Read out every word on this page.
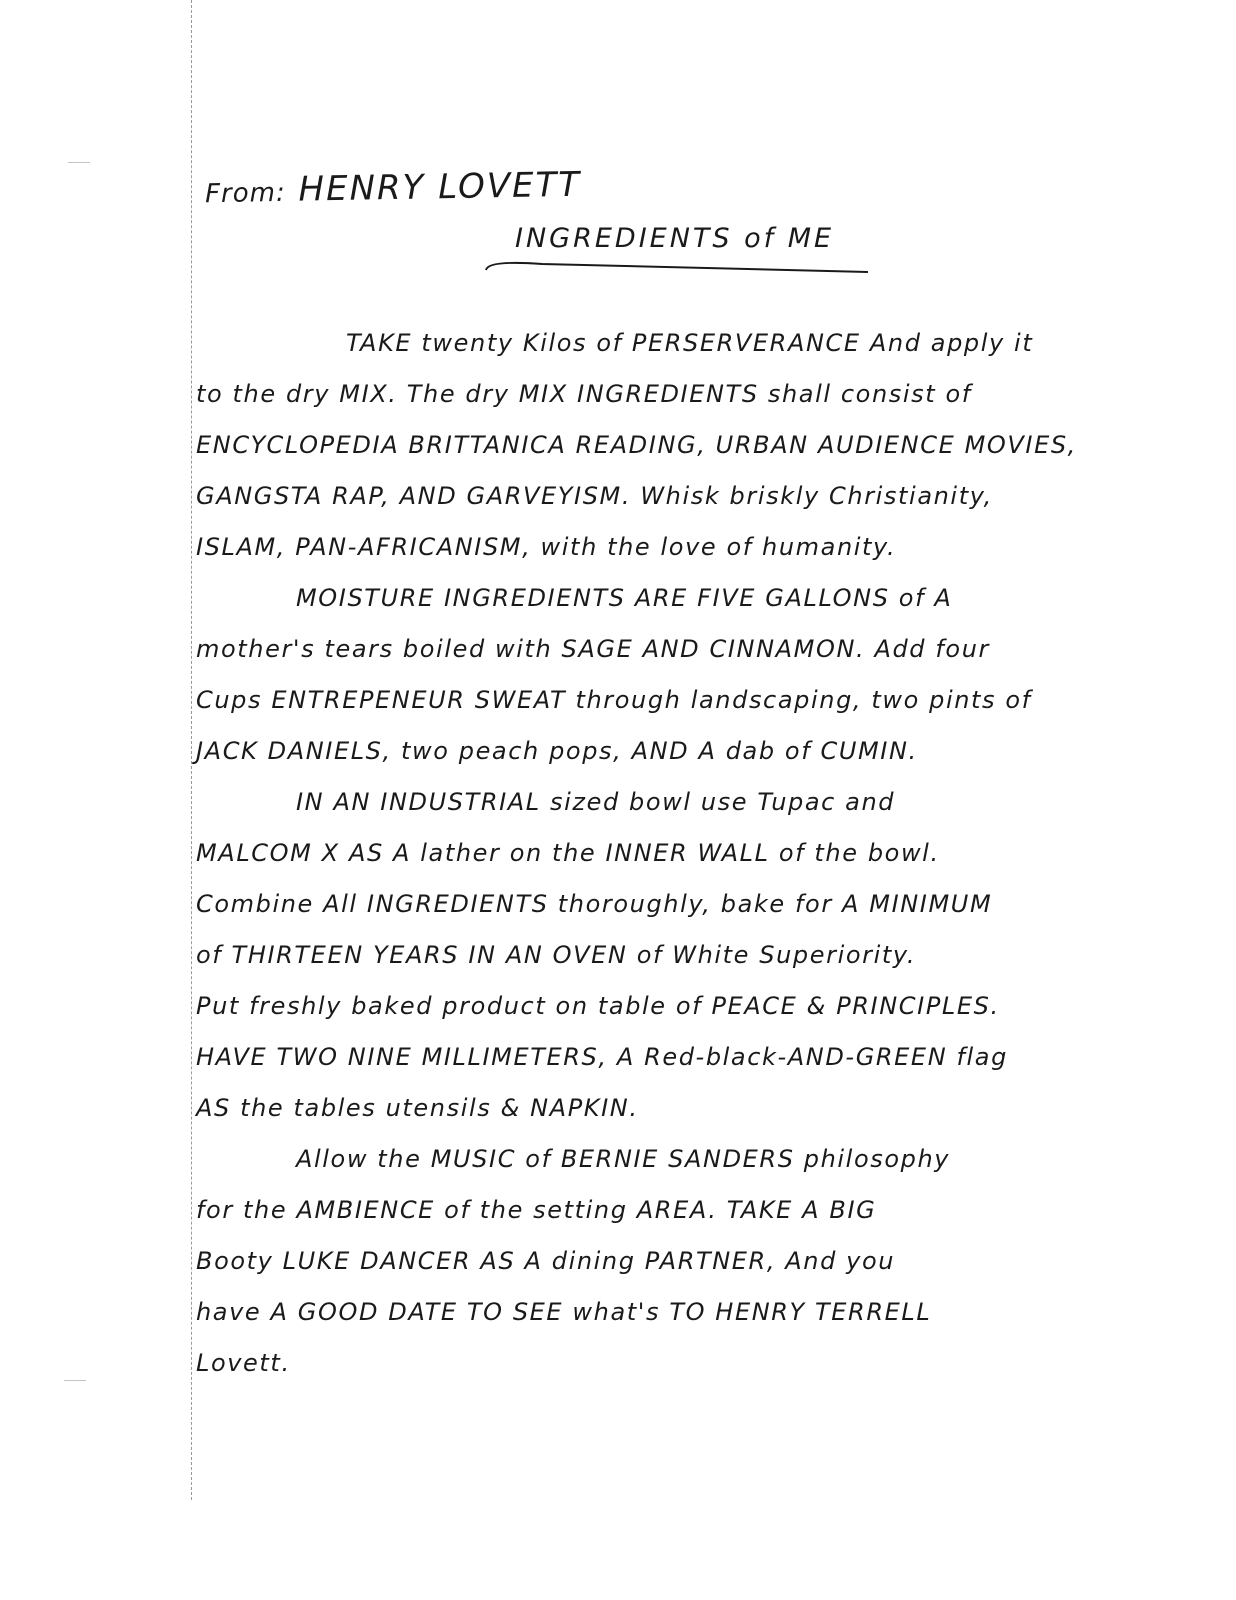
From: HENRY LOVETT
INGREDIENTS of ME
TAKE twenty Kilos of PERSERVERANCE And apply it
to the dry MIX. The dry MIX INGREDIENTS shall consist of
ENCYCLOPEDIA BRITTANICA READING, URBAN AUDIENCE MOVIES,
GANGSTA RAP, AND GARVEYISM. Whisk briskly Christianity,
ISLAM, PAN-AFRICANISM, with the love of humanity.
MOISTURE INGREDIENTS ARE FIVE GALLONS of A
mother's tears boiled with SAGE AND CINNAMON. Add four
Cups ENTREPENEUR SWEAT through landscaping, two pints of
JACK DANIELS, two peach pops, AND A dab of CUMIN.
IN AN INDUSTRIAL sized bowl use Tupac and
MALCOM X AS A lather on the INNER WALL of the bowl.
Combine All INGREDIENTS thoroughly, bake for A MINIMUM
of THIRTEEN YEARS IN AN OVEN of White Superiority.
Put freshly baked product on table of PEACE & PRINCIPLES.
HAVE TWO NINE MILLIMETERS, A Red-black-AND-GREEN flag
AS the tables utensils & NAPKIN.
Allow the MUSIC of BERNIE SANDERS philosophy
for the AMBIENCE of the setting AREA. TAKE A BIG
Booty LUKE DANCER AS A dining PARTNER, And you
have A GOOD DATE TO SEE what's TO HENRY TERRELL
Lovett.
